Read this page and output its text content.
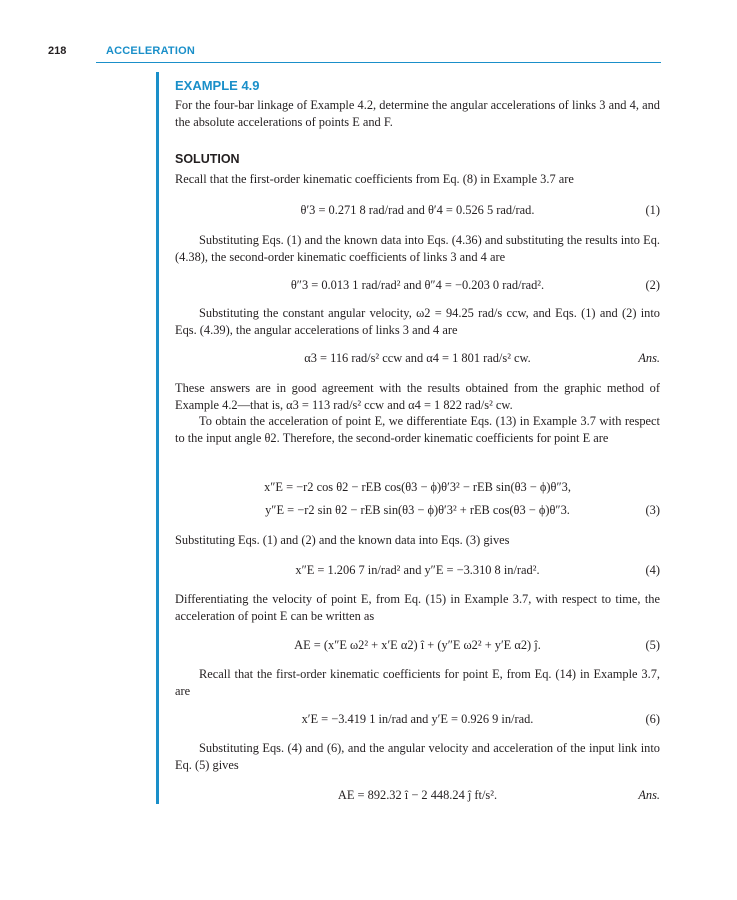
218	ACCELERATION
EXAMPLE 4.9

For the four-bar linkage of Example 4.2, determine the angular accelerations of links 3 and 4, and the absolute accelerations of points E and F.

SOLUTION

Recall that the first-order kinematic coefficients from Eq. (8) in Example 3.7 are

θ′3 = 0.271 8 rad/rad and θ′4 = 0.526 5 rad/rad.	(1)

Substituting Eqs. (1) and the known data into Eqs. (4.36) and substituting the results into Eq. (4.38), the second-order kinematic coefficients of links 3 and 4 are

θ″3 = 0.013 1 rad/rad² and θ″4 = −0.203 0 rad/rad².	(2)

Substituting the constant angular velocity, ω2 = 94.25 rad/s ccw, and Eqs. (1) and (2) into Eqs. (4.39), the angular accelerations of links 3 and 4 are

α3 = 116 rad/s² ccw and α4 = 1 801 rad/s² cw.	Ans.

These answers are in good agreement with the results obtained from the graphic method of Example 4.2—that is, α3 = 113 rad/s² ccw and α4 = 1 822 rad/s² cw.

To obtain the acceleration of point E, we differentiate Eqs. (13) in Example 3.7 with respect to the input angle θ2. Therefore, the second-order kinematic coefficients for point E are

x″E = −r2 cos θ2 − rEB cos(θ3 − ϕ)θ′3² − rEB sin(θ3 − ϕ)θ″3,
y″E = −r2 sin θ2 − rEB sin(θ3 − ϕ)θ′3² + rEB cos(θ3 − ϕ)θ″3.	(3)

Substituting Eqs. (1) and (2) and the known data into Eqs. (3) gives

x″E = 1.206 7 in/rad² and y″E = −3.310 8 in/rad².	(4)

Differentiating the velocity of point E, from Eq. (15) in Example 3.7, with respect to time, the acceleration of point E can be written as

AE = (x″E ω2² + x′E α2) î + (y″E ω2² + y′E α2) ĵ.	(5)

Recall that the first-order kinematic coefficients for point E, from Eq. (14) in Example 3.7, are

x′E = −3.419 1 in/rad and y′E = 0.926 9 in/rad.	(6)

Substituting Eqs. (4) and (6), and the angular velocity and acceleration of the input link into Eq. (5) gives

AE = 892.32 î − 2 448.24 ĵ ft/s².	Ans.
